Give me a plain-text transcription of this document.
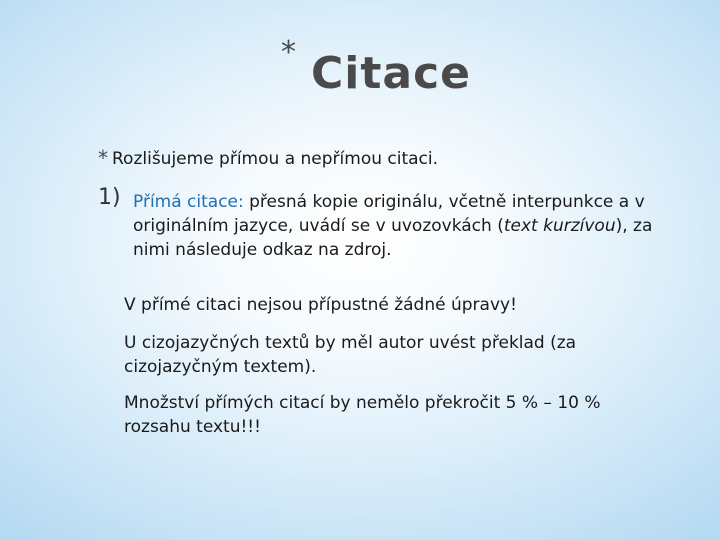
* Citace
* Rozlišujeme přímou a nepřímou citaci.
1) Přímá citace: přesná kopie originálu, včetně interpunkce a v originálním jazyce, uvádí se v uvozovkách (text kurzívou), za nimi následuje odkaz na zdroj.
V přímé citaci nejsou přípustné žádné úpravy!
U cizojazyčných textů by měl autor uvést překlad (za cizojazyčným textem).
Množství přímých citací by nemělo překročit 5 % – 10 % rozsahu textu!!!
